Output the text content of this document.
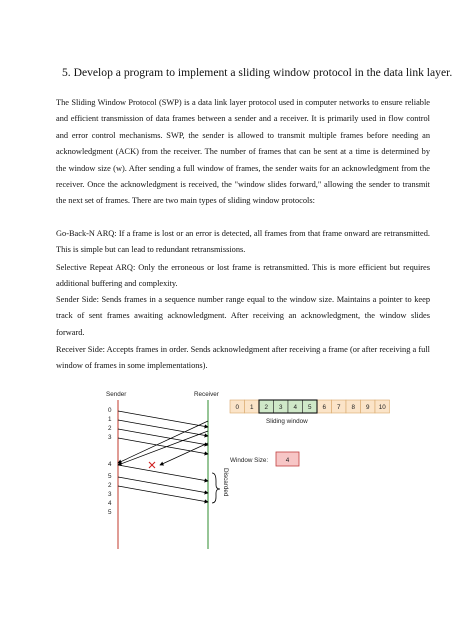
5. Develop a program to implement a sliding window protocol in the data link layer.

The Sliding Window Protocol (SWP) is a data link layer protocol used in computer networks to ensure reliable and efficient transmission of data frames between a sender and a receiver. It is primarily used in flow control and error control mechanisms. SWP, the sender is allowed to transmit multiple frames before needing an acknowledgment (ACK) from the receiver. The number of frames that can be sent at a time is determined by the window size (w). After sending a full window of frames, the sender waits for an acknowledgment from the receiver. Once the acknowledgment is received, the "window slides forward," allowing the sender to transmit the next set of frames. There are two main types of sliding window protocols:

Go-Back-N ARQ: If a frame is lost or an error is detected, all frames from that frame onward are retransmitted. This is simple but can lead to redundant retransmissions.

Selective Repeat ARQ: Only the erroneous or lost frame is retransmitted. This is more efficient but requires additional buffering and complexity.

Sender Side: Sends frames in a sequence number range equal to the window size. Maintains a pointer to keep track of sent frames awaiting acknowledgment. After receiving an acknowledgment, the window slides forward.

Receiver Side: Accepts frames in order. Sends acknowledgment after receiving a frame (or after receiving a full window of frames in some implementations).

Sender	Receiver
0
1
2
3
4
5
2
3
4
5
Discarded
0 1 2 3 4 5 6 7 8 9 10
Sliding window
Window Size:	4
